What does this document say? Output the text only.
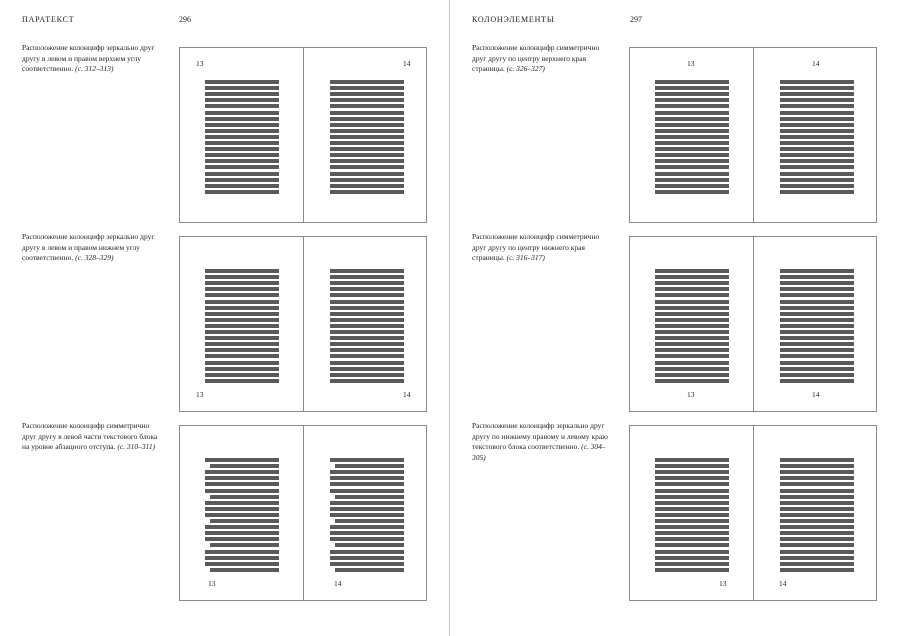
ПАРАТЕКСТ	296
Расположение колонцифр зеркально друг другу в левом и правом верхнем углу соответственно. (с. 312–313)
13	14
Расположение колонцифр зеркально друг другу в левом и правом нижнем углу соответственно. (с. 328–329)
13	14
Расположение колонцифр симметрично друг другу в левой части текстового блока на уровне абзацного отступа. (с. 310–311)
13	14
КОЛОНЭЛЕМЕНТЫ	297
Расположение колонцифр симметрично друг другу по центру верхнего края страницы. (с. 326–327)
13	14
Расположение колонцифр симметрично друг другу по центру нижнего края страницы. (с. 316–317)
13	14
Расположение колонцифр зеркально друг другу по нижнему правому и левому краю текстового блока соответственно. (с. 304–305)
13	14
